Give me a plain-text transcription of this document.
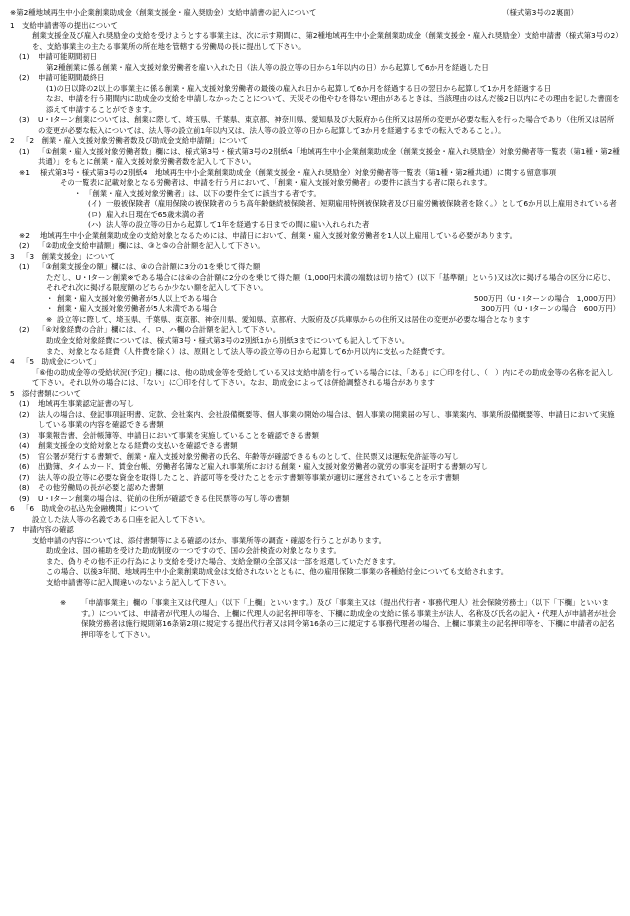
※第2種地域再生中小企業創業助成金（創業支援金・雇入奨励金）支給申請書の記入について	（様式第3号の2裏面）
1 支給申請書等の提出について
創業支援金及び雇入れ奨励金の支給を受けようとする事業主は、次に示す期間に、第2種地域再生中小企業創業助成金（創業支援金・雇入れ奨励金）支給申請書（様式第3号の2）を、支給事業主の主たる事業所の所在地を管轄する労働局の長に提出して下さい。
(1)	申請可能期間初日
第2種創業に係る創業・雇入支援対象労働者を雇い入れた日（法人等の設立等の日から1年以内の日）から起算して6か月を経過した日
(2)	申請可能期間最終日
(1)の日以降の2以上の事業主に係る創業・雇入支援対象労働者の最後の雇入れ日から起算して6か月を経過する日の翌日から起算して1か月を経過する日
なお、申請を行う期間内に助成金の支給を申請しなかったことについて、天災その他やむを得ない理由があるときは、当該理由のはんだ後2日以内にその理由を記した書面を添えて申請することができます。
(3)	U・Iターン創業については、創業に際して、埼玉県、千葉県、東京都、神奈川県、愛知県及び大阪府から住所又は居所の変更が必要な転入を行った場合であり（住所又は居所の変更が必要な転入については、法人等の設立前1年以内又は、法人等の設立等の日から起算して3か月を経過するまでの転入であること。）。
2 「2　創業・雇入支援対象労働者数及び助成金支給申請額」について
(1)	「①創業・雇入支援対象労働者数」欄には、様式第3号・様式第3号の2別紙4「地域再生中小企業創業助成金（創業支援金・雇入れ奨励金）対象労働者等一覧表（第1種・第2種共通）」をもとに創業・雇入支援対象労働者数を記入して下さい。
※1	様式第3号・様式第3号の2別紙4　地域再生中小企業創業助成金（創業支援金・雇入れ奨励金）対象労働者等一覧表（第1種・第2種共通）に関する留意事項
その一覧表に記載対象となる労働者は、申請を行う月において、「創業・雇入支援対象労働者」の要件に該当する者に限られます。
・ 「創業・雇入支援対象労働者」は、以下の要件全てに該当する者です。
(イ) 一般被保険者（雇用保険の被保険者のうち高年齢継続被保険者、短期雇用特例被保険者及び日雇労働被保険者を除く。）として6か月以上雇用されている者
(ロ) 雇入れ日現在で65歳未満の者
(ハ) 法人等の設立等の日から起算して1年を経過する日までの間に雇い入れられた者
※2	地域再生中小企業創業助成金の支給対象となるためには、申請日において、創業・雇入支援対象労働者を1人以上雇用している必要があります。
(2)	「②助成金支給申請額」欄には、③と⑤の合計額を記入して下さい。
3 「3　創業支援金」について
(1)	「③創業支援金の額」欄には、④の合計額に3分の1を乗じて得た額
ただし、U・Iターン創業※である場合には④の合計額に2分のを乗じて得た額（1,000円未満の端数は切り捨て）(以下「基準額」という)又は次に掲げる場合の区分に応じ、それぞれ次に掲げる限度額のどちらか少ない額を記入して下さい。
・ 創業・雇入支援対象労働者が5人以上である場合	500万円（U・Iターンの場合　1,000万円）
・ 創業・雇入支援対象労働者が5人未満である場合	300万円（U・Iターンの場合　600万円）
※ 設立等に際して、埼玉県、千葉県、東京都、神奈川県、愛知県、京都府、大阪府及び兵庫県からの住所又は居住の変更が必要な場合となります
(2)	「④対象経費の合計」欄には、イ、ロ、ハ欄の合計額を記入して下さい。
助成金支給対象経費については、様式第3号・様式第3号の2別紙1から別紙3までについても記入して下さい。
また、対象となる経費（人件費を除く）は、原則として法人等の設立等の日から起算して6か月以内に支払った経費です。
4 「5　助成金について」
「⑥他の助成金等の受給状況(予定)」欄には、他の助成金等を受給している又は支給申請を行っている場合には、「ある」に〇印を付し、（　）内にその助成金等の名称を記入して下さい。それ以外の場合には、「ない」に〇印を付して下さい。なお、助成金によっては併給調整される場合があります
5 添付書類について
(1)	地域再生事業認定証書の写し
(2)	法人の場合は、登記事項証明書、定款、会社案内、会社設備概要等、個人事業の開始の場合は、個人事業の開業届の写し、事業案内、事業所設備概要等、申請日において実施している事業の内容を確認できる書類
(3)	事業報告書、会計帳簿等、申請日において事業を実施していることを確認できる書類
(4)	創業支援金の支給対象となる経費の支払いを確認できる書類
(5)	官公署が発行する書類で、創業・雇入支援対象労働者の氏名、年齢等が確認できるものとして、住民票又は運転免許証等の写し
(6)	出勤簿、タイムカード、賃金台帳、労働者名簿など雇入れ事業所における創業・雇入支援対象労働者の就労の事実を証明する書類の写し
(7)	法人等の設立等に必要な資金を取得したこと、許認可等を受けたことを示す書類等事業が適切に運営されていることを示す書類
(8)	その他労働局の長が必要と認めた書類
(9)	U・Iターン創業の場合は、従前の住所が確認できる住民票等の写し等の書類
6 「6　助成金の払込先金融機関」について
設立した法人等の名義である口座を記入して下さい。
7 申請内容の確認
支給申請の内容については、添付書類等による確認のほか、事業所等の調査・確認を行うことがあります。
助成金は、国の補助を受けた助成制度の一つですので、国の会計検査の対象となります。
また、偽りその他不正の行為により支給を受けた場合、支給金額の全部又は一部を返還していただきます。
この場合、以後3年間、地域再生中小企業創業助成金は支給されないとともに、他の雇用保険二事業の各種給付金についても支給されます。
支給申請書等に記入間違いのないよう記入して下さい。
※	「申請事業主」欄の「事業主又は代理人」（以下「上欄」といいます。）及び「事業主又は（提出代行者・事務代理人）社会保険労務士」（以下「下欄」といいます。）については、申請者が代理人の場合、上欄に代理人の記名押印等を、下欄に助成金の支給に係る事業主が法人、名称及び氏名の記入・代理人が申請者が社会保険労務者は施行規則第16条第2項に規定する提出代行者又は同令第16条の三に規定する事務代理者の場合、上欄に事業主の記名押印等を、下欄に申請者の記名押印等をして下さい。
